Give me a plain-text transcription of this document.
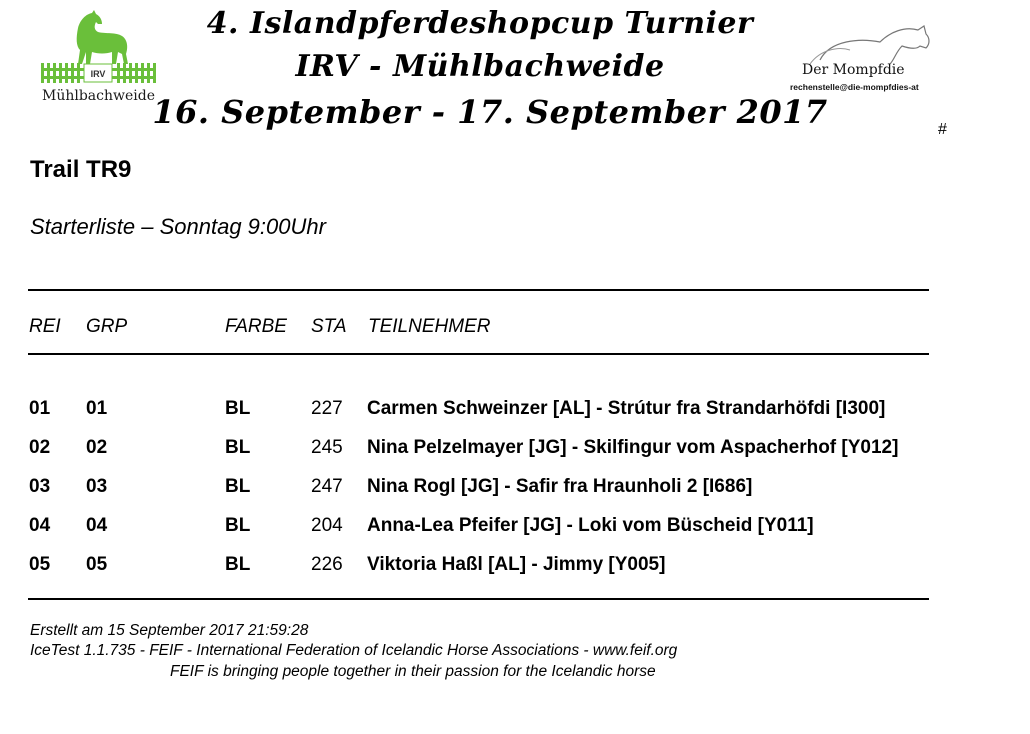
IRV
Mühlbachweide
4. Islandpferdeshopcup Turnier
IRV - Mühlbachweide
16. September - 17. September 2017
Der Mompfdie
rechenstelle@die-mompfdies-at
#
Trail TR9
Starterliste – Sonntag 9:00Uhr
REI GRP	FARBE STA TEILNEHMER
01 01	BL	227 Carmen Schweinzer [AL] - Strútur fra Strandarhöfdi [I300]
02 02	BL	245 Nina Pelzelmayer [JG] - Skilfingur vom Aspacherhof [Y012]
03 03	BL	247 Nina Rogl [JG] - Safir fra Hraunholi 2 [I686]
04 04	BL	204 Anna-Lea Pfeifer [JG] - Loki vom Büscheid [Y011]
05 05	BL	226 Viktoria Haßl [AL] - Jimmy [Y005]
Erstellt am 15 September 2017 21:59:28
IceTest 1.1.735 - FEIF - International Federation of Icelandic Horse Associations - www.feif.org
FEIF is bringing people together in their passion for the Icelandic horse
